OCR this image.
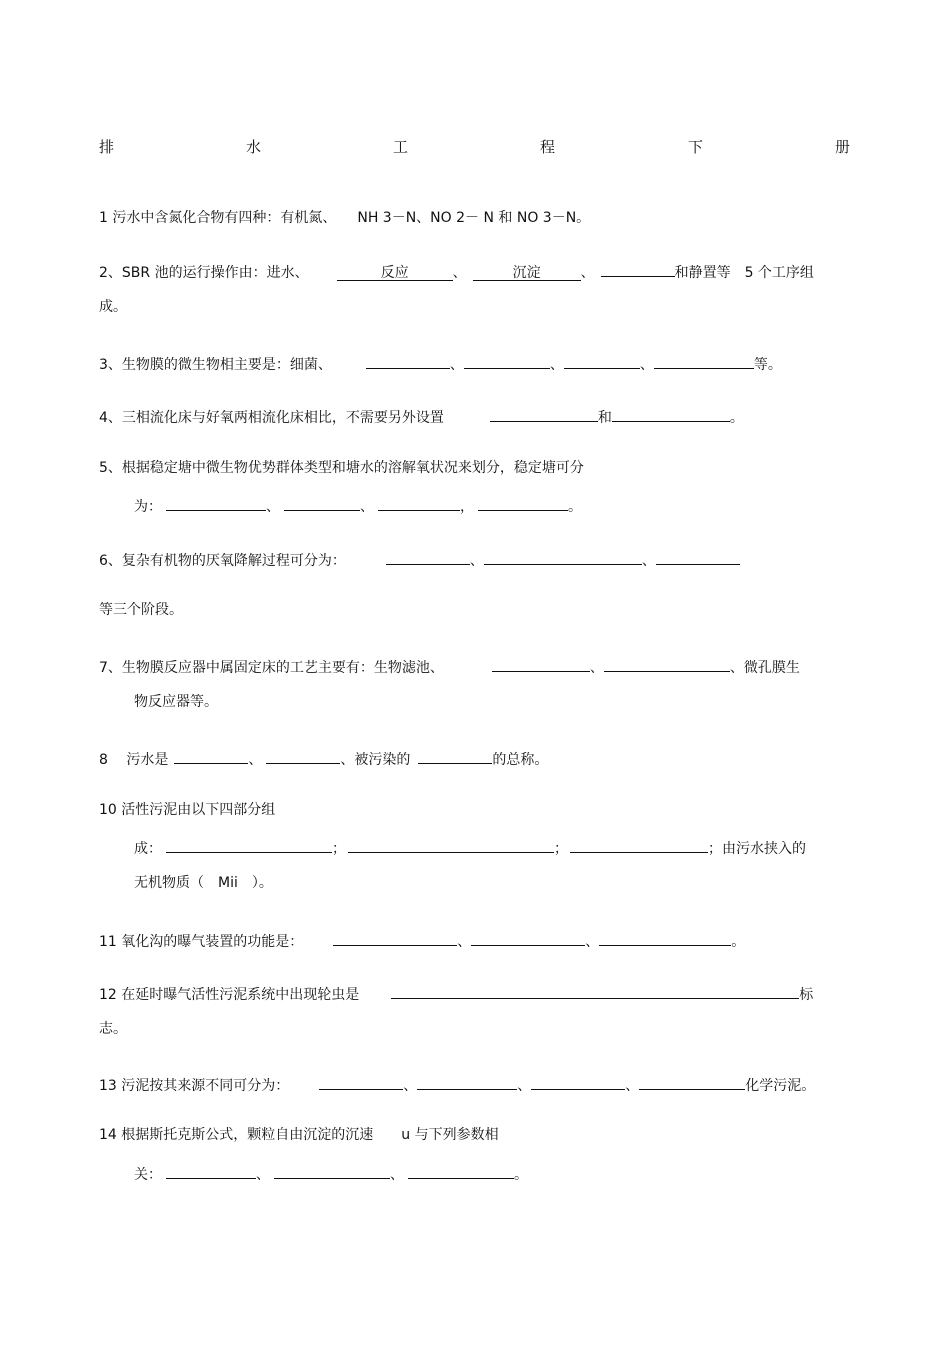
排	水	工	程	下	册
1 污水中含氮化合物有四种：有机氮、　　NH 3－N、NO 2－ N 和 NO 3－N。
2、SBR 池的运行操作由：进水、	反应	、	沉淀	、	和静置等　5 个工序组
成。
3、生物膜的微生物相主要是：细菌、	、	、	、	等。
4、三相流化床与好氧两相流化床相比，不需要另外设置	和	。
5、根据稳定塘中微生物优势群体类型和塘水的溶解氧状况来划分，稳定塘可分
为：	、	、	，	。
6、复杂有机物的厌氧降解过程可分为：	、	、
等三个阶段。
7、生物膜反应器中属固定床的工艺主要有：生物滤池、	、	、微孔膜生
物反应器等。
8　 污水是	、	、被污染的	的总称。
10 活性污泥由以下四部分组
成：	；	；	；由污水挟入的
无机物质（　Mii　）。
11 氧化沟的曝气装置的功能是：	、	、	。
12 在延时曝气活性污泥系统中出现轮虫是	标
志。
13 污泥按其来源不同可分为：	、	、	、	化学污泥。
14 根据斯托克斯公式，颗粒自由沉淀的沉速　　u 与下列参数相
关：	、	、	。
